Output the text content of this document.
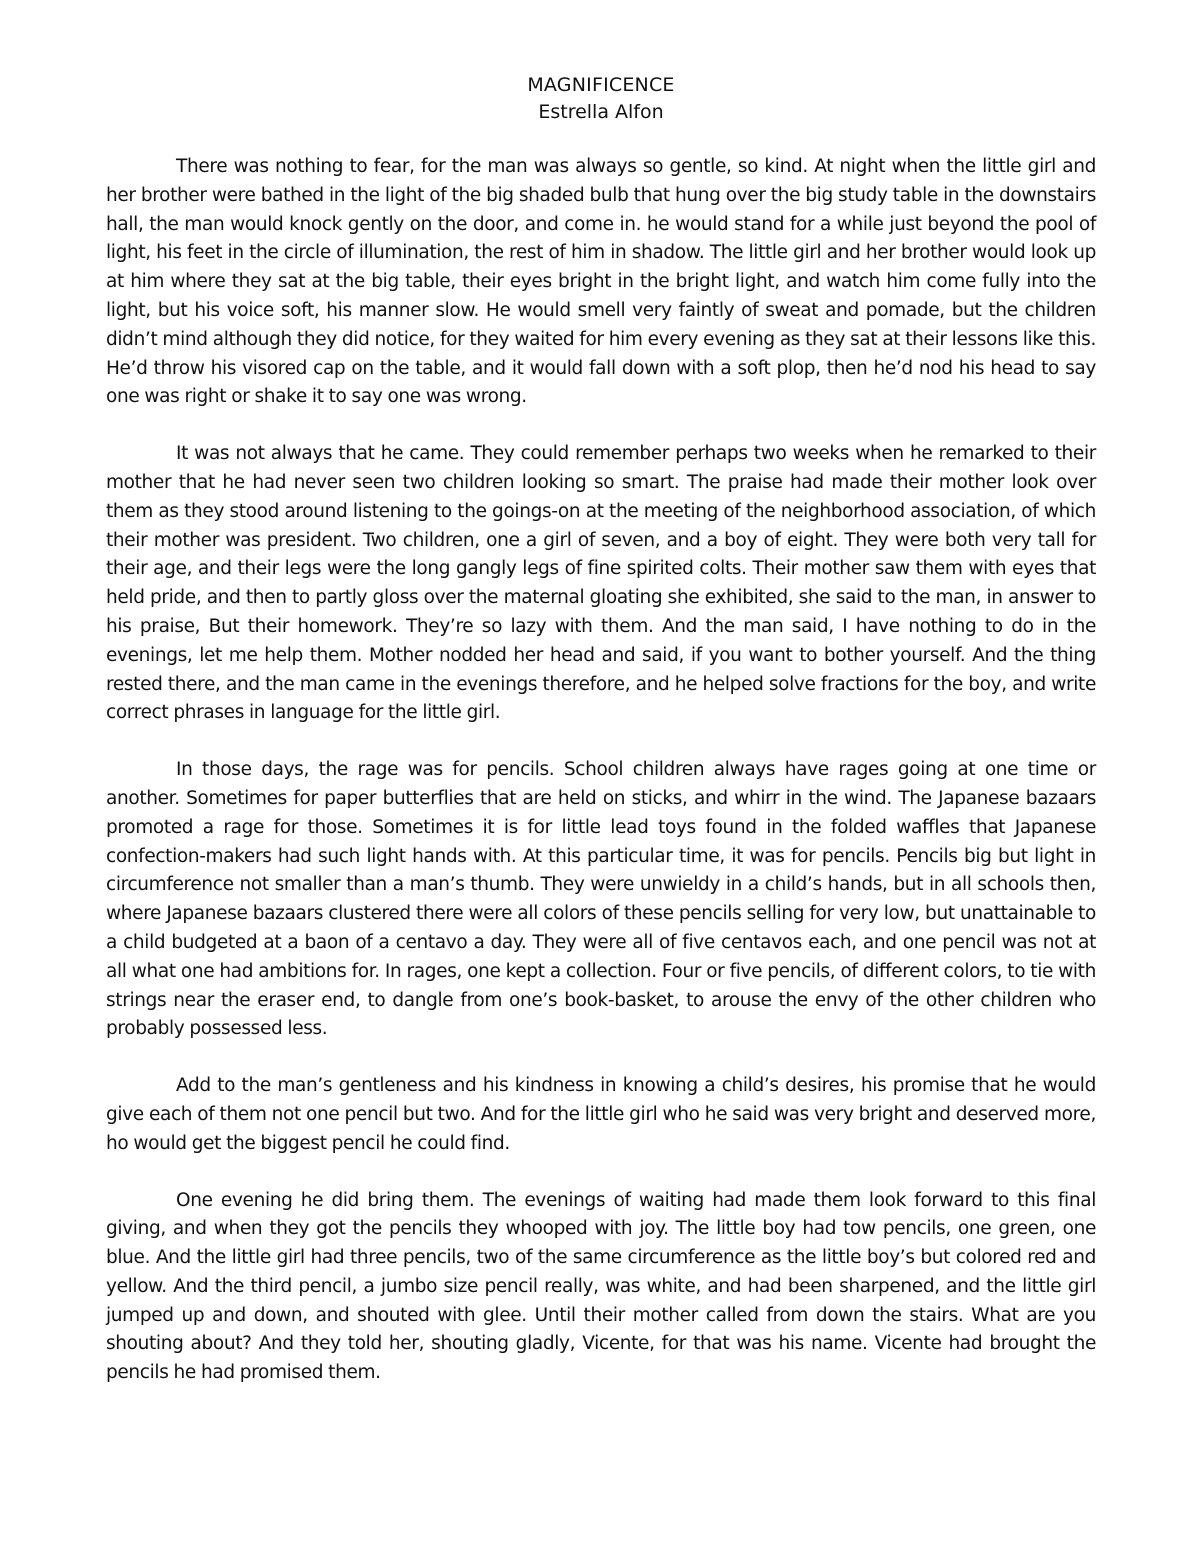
MAGNIFICENCE
Estrella Alfon

There was nothing to fear, for the man was always so gentle, so kind. At night when the little girl and her brother were bathed in the light of the big shaded bulb that hung over the big study table in the downstairs hall, the man would knock gently on the door, and come in. he would stand for a while just beyond the pool of light, his feet in the circle of illumination, the rest of him in shadow. The little girl and her brother would look up at him where they sat at the big table, their eyes bright in the bright light, and watch him come fully into the light, but his voice soft, his manner slow. He would smell very faintly of sweat and pomade, but the children didn’t mind although they did notice, for they waited for him every evening as they sat at their lessons like this. He’d throw his visored cap on the table, and it would fall down with a soft plop, then he’d nod his head to say one was right or shake it to say one was wrong.

It was not always that he came. They could remember perhaps two weeks when he remarked to their mother that he had never seen two children looking so smart. The praise had made their mother look over them as they stood around listening to the goings-on at the meeting of the neighborhood association, of which their mother was president. Two children, one a girl of seven, and a boy of eight. They were both very tall for their age, and their legs were the long gangly legs of fine spirited colts. Their mother saw them with eyes that held pride, and then to partly gloss over the maternal gloating she exhibited, she said to the man, in answer to his praise, But their homework. They’re so lazy with them. And the man said, I have nothing to do in the evenings, let me help them. Mother nodded her head and said, if you want to bother yourself. And the thing rested there, and the man came in the evenings therefore, and he helped solve fractions for the boy, and write correct phrases in language for the little girl.

In those days, the rage was for pencils. School children always have rages going at one time or another. Sometimes for paper butterflies that are held on sticks, and whirr in the wind. The Japanese bazaars promoted a rage for those. Sometimes it is for little lead toys found in the folded waffles that Japanese confection-makers had such light hands with. At this particular time, it was for pencils. Pencils big but light in circumference not smaller than a man’s thumb. They were unwieldy in a child’s hands, but in all schools then, where Japanese bazaars clustered there were all colors of these pencils selling for very low, but unattainable to a child budgeted at a baon of a centavo a day. They were all of five centavos each, and one pencil was not at all what one had ambitions for. In rages, one kept a collection. Four or five pencils, of different colors, to tie with strings near the eraser end, to dangle from one’s book-basket, to arouse the envy of the other children who probably possessed less.

Add to the man’s gentleness and his kindness in knowing a child’s desires, his promise that he would give each of them not one pencil but two. And for the little girl who he said was very bright and deserved more, ho would get the biggest pencil he could find.

One evening he did bring them. The evenings of waiting had made them look forward to this final giving, and when they got the pencils they whooped with joy. The little boy had tow pencils, one green, one blue. And the little girl had three pencils, two of the same circumference as the little boy’s but colored red and yellow. And the third pencil, a jumbo size pencil really, was white, and had been sharpened, and the little girl jumped up and down, and shouted with glee. Until their mother called from down the stairs. What are you shouting about? And they told her, shouting gladly, Vicente, for that was his name. Vicente had brought the pencils he had promised them.
